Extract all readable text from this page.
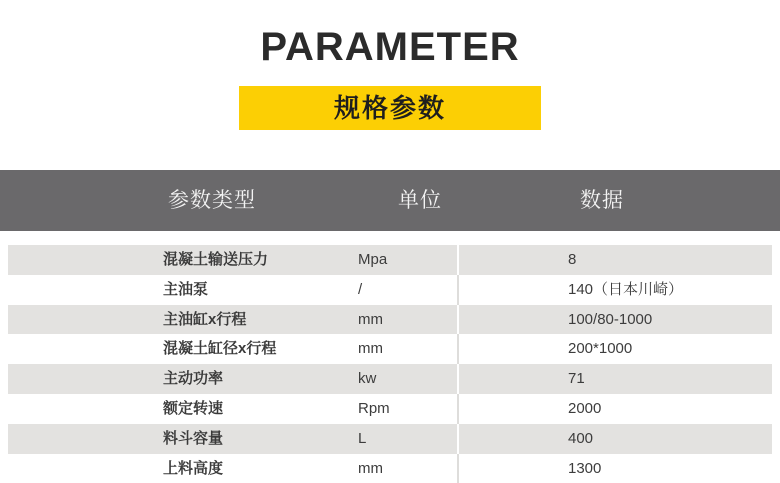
PARAMETER
规格参数
参数类型	单位	数据
混凝土输送压力	Mpa	8
主油泵	/	140（日本川崎）
主油缸x行程	mm	100/80-1000
混凝土缸径x行程	mm	200*1000
主动功率	kw	71
额定转速	Rpm	2000
料斗容量	L	400
上料高度	mm	1300
